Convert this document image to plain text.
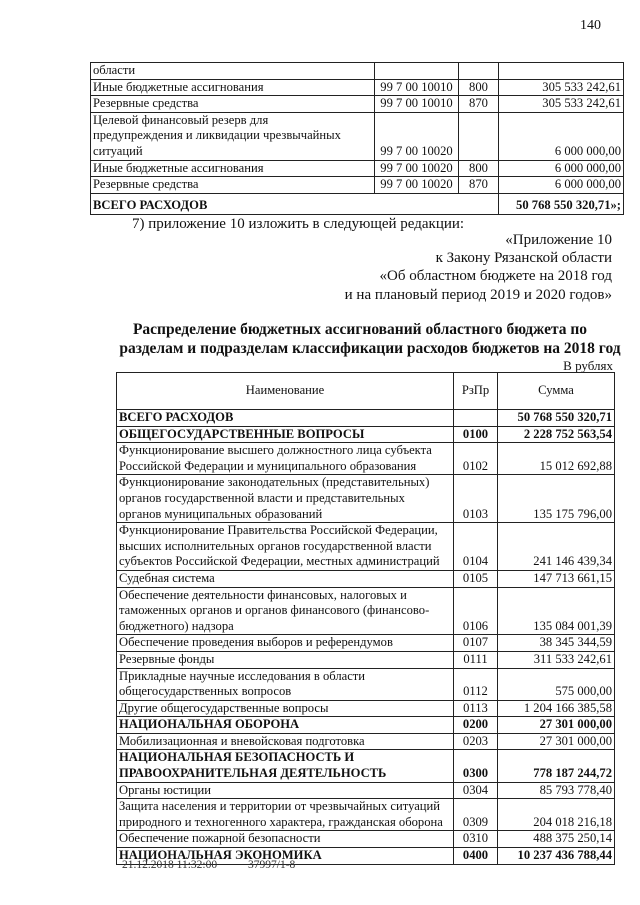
140
области			
Иные бюджетные ассигнования	99 7 00 10010	800	305 533 242,61
Резервные средства	99 7 00 10010	870	305 533 242,61
Целевой финансовый резерв для
предупреждения и ликвидации чрезвычайных
ситуаций	99 7 00 10020		6 000 000,00
Иные бюджетные ассигнования	99 7 00 10020	800	6 000 000,00
Резервные средства	99 7 00 10020	870	6 000 000,00
ВСЕГО РАСХОДОВ			50 768 550 320,71»;
7) приложение 10 изложить в следующей редакции:
«Приложение 10
к Закону Рязанской области
«Об областном бюджете на 2018 год
и на плановый период 2019 и 2020 годов»
Распределение бюджетных ассигнований областного бюджета по
разделам и подразделам классификации расходов бюджетов на 2018 год
В рублях
Наименование	РзПр	Сумма
ВСЕГО РАСХОДОВ		50 768 550 320,71
ОБЩЕГОСУДАРСТВЕННЫЕ ВОПРОСЫ	0100	2 228 752 563,54
Функционирование высшего должностного лица субъекта
Российской Федерации и муниципального образования	0102	15 012 692,88
Функционирование законодательных (представительных)
органов государственной власти и представительных
органов муниципальных образований	0103	135 175 796,00
Функционирование Правительства Российской Федерации,
высших исполнительных органов государственной власти
субъектов Российской Федерации, местных администраций	0104	241 146 439,34
Судебная система	0105	147 713 661,15
Обеспечение деятельности финансовых, налоговых и
таможенных органов и органов финансового (финансово-
бюджетного) надзора	0106	135 084 001,39
Обеспечение проведения выборов и референдумов	0107	38 345 344,59
Резервные фонды	0111	311 533 242,61
Прикладные научные исследования в области
общегосударственных вопросов	0112	575 000,00
Другие общегосударственные вопросы	0113	1 204 166 385,58
НАЦИОНАЛЬНАЯ ОБОРОНА	0200	27 301 000,00
Мобилизационная и вневойсковая подготовка	0203	27 301 000,00
НАЦИОНАЛЬНАЯ БЕЗОПАСНОСТЬ И
ПРАВООХРАНИТЕЛЬНАЯ ДЕЯТЕЛЬНОСТЬ	0300	778 187 244,72
Органы юстиции	0304	85 793 778,40
Защита населения и территории от чрезвычайных ситуаций
природного и техногенного характера, гражданская оборона	0309	204 018 216,18
Обеспечение пожарной безопасности	0310	488 375 250,14
НАЦИОНАЛЬНАЯ ЭКОНОМИКА	0400	10 237 436 788,44
21.12.2018 11:32:00	37997/1-8
